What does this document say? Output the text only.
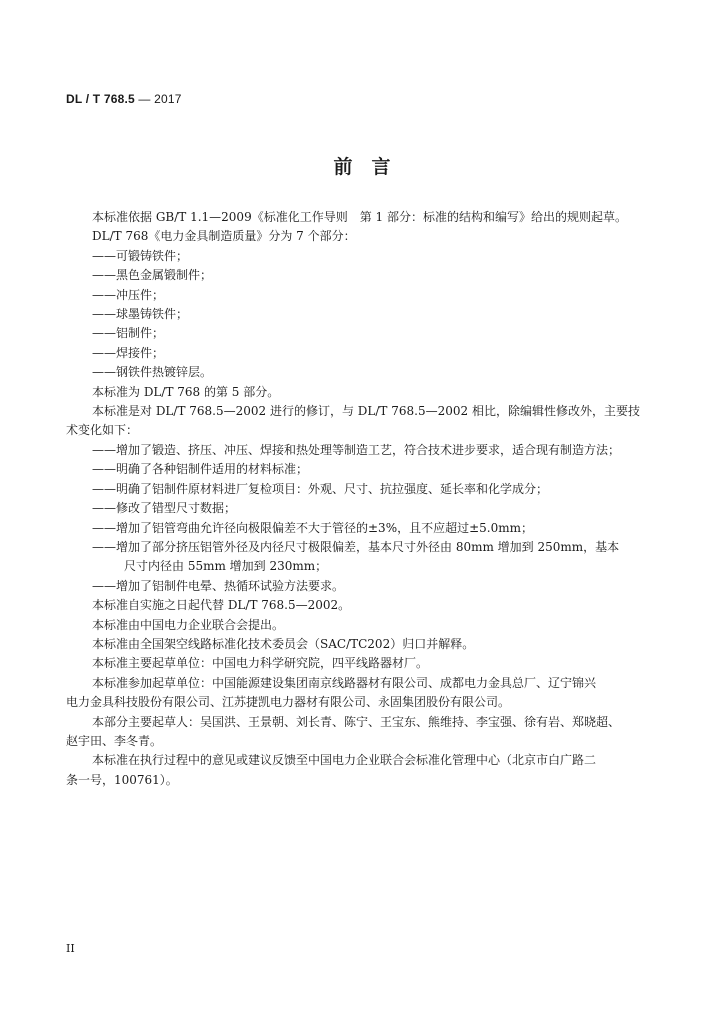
DL / T 768.5 — 2017
前　言

本标准依据 GB/T 1.1—2009《标准化工作导则　第 1 部分：标准的结构和编写》给出的规则起草。

DL/T 768《电力金具制造质量》分为 7 个部分：

——可锻铸铁件；

——黑色金属锻制件；

——冲压件；

——球墨铸铁件；

——铝制件；

——焊接件；

——钢铁件热镀锌层。

本标准为 DL/T 768 的第 5 部分。

本标准是对 DL/T 768.5—2002 进行的修订，与 DL/T 768.5—2002 相比，除编辑性修改外，主要技

术变化如下：

——增加了锻造、挤压、冲压、焊接和热处理等制造工艺，符合技术进步要求，适合现有制造方法；

——明确了各种铝制件适用的材料标准；

——明确了铝制件原材料进厂复检项目：外观、尺寸、抗拉强度、延长率和化学成分；

——修改了错型尺寸数据；

——增加了铝管弯曲允许径向极限偏差不大于管径的±3%，且不应超过±5.0mm；

——增加了部分挤压铝管外径及内径尺寸极限偏差，基本尺寸外径由 80mm 增加到 250mm，基本

尺寸内径由 55mm 增加到 230mm；

——增加了铝制件电晕、热循环试验方法要求。

本标准自实施之日起代替 DL/T 768.5—2002。

本标准由中国电力企业联合会提出。

本标准由全国架空线路标准化技术委员会（SAC/TC202）归口并解释。

本标准主要起草单位：中国电力科学研究院，四平线路器材厂。

本标准参加起草单位：中国能源建设集团南京线路器材有限公司、成都电力金具总厂、辽宁锦兴

电力金具科技股份有限公司、江苏捷凯电力器材有限公司、永固集团股份有限公司。

本部分主要起草人：吴国洪、王景朝、刘长青、陈宁、王宝东、熊维持、李宝强、徐有岩、郑晓超、

赵宇田、李冬青。

本标准在执行过程中的意见或建议反馈至中国电力企业联合会标准化管理中心（北京市白广路二

条一号，100761）。

II
